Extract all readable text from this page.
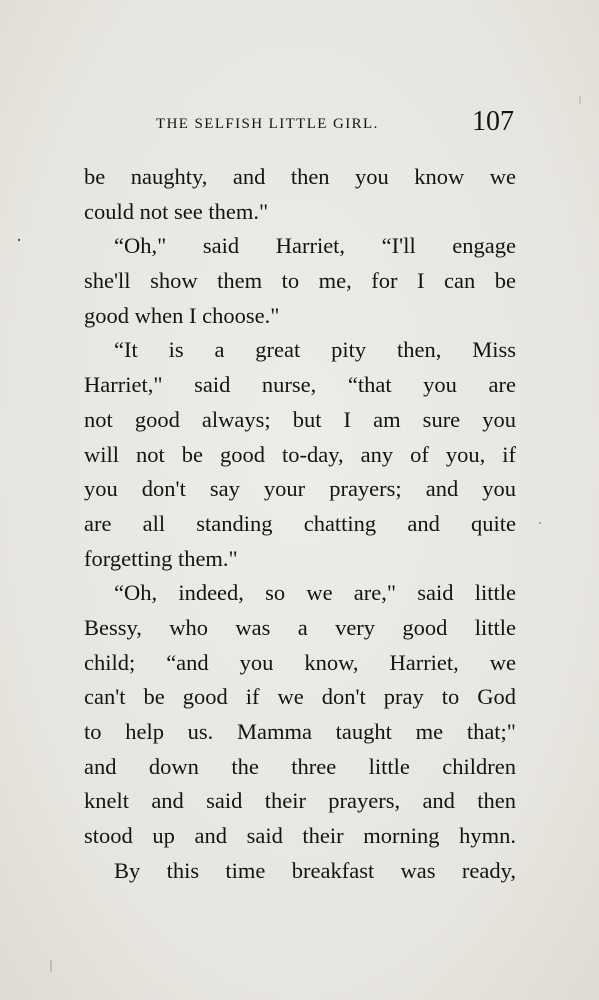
THE SELFISH LITTLE GIRL.	107
be naughty, and then you know we
could not see them."
“Oh," said Harriet, “I'll engage
she'll show them to me, for I can be
good when I choose."
“It is a great pity then, Miss
Harriet," said nurse, “that you are
not good always; but I am sure you
will not be good to-day, any of you, if
you don't say your prayers; and you
are all standing chatting and quite
forgetting them."
“Oh, indeed, so we are," said little
Bessy, who was a very good little
child; “and you know, Harriet, we
can't be good if we don't pray to God
to help us. Mamma taught me that;"
and down the three little children
knelt and said their prayers, and then
stood up and said their morning hymn.
By this time breakfast was ready,
